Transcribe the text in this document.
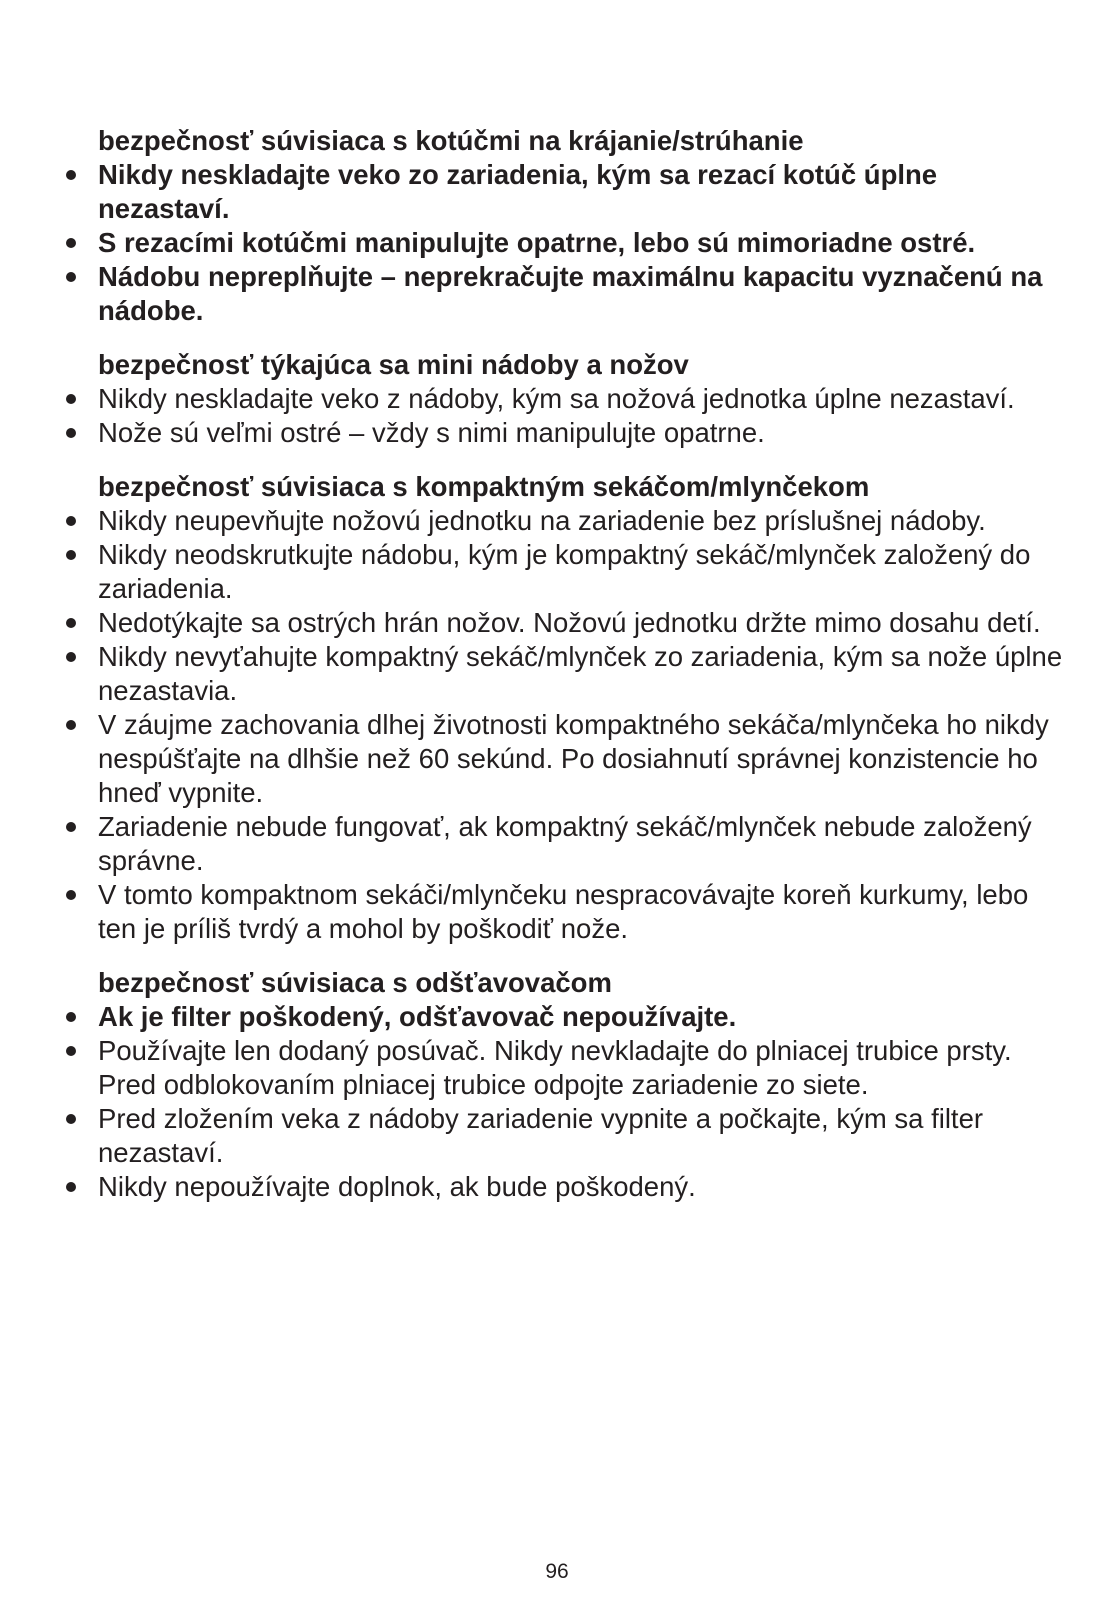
bezpečnosť súvisiaca s kotúčmi na krájanie/strúhanie
Nikdy neskladajte veko zo zariadenia, kým sa rezací kotúč úplne nezastaví.
S rezacími kotúčmi manipulujte opatrne, lebo sú mimoriadne ostré.
Nádobu nepreplňujte – neprekračujte maximálnu kapacitu vyznačenú na nádobe.
bezpečnosť týkajúca sa mini nádoby a nožov
Nikdy neskladajte veko z nádoby, kým sa nožová jednotka úplne nezastaví.
Nože sú veľmi ostré – vždy s nimi manipulujte opatrne.
bezpečnosť súvisiaca s kompaktným sekáčom/mlynčekom
Nikdy neupevňujte nožovú jednotku na zariadenie bez príslušnej nádoby.
Nikdy neodskrutkujte nádobu, kým je kompaktný sekáč/mlynček založený do zariadenia.
Nedotýkajte sa ostrých hrán nožov. Nožovú jednotku držte mimo dosahu detí.
Nikdy nevyťahujte kompaktný sekáč/mlynček zo zariadenia, kým sa nože úplne nezastavia.
V záujme zachovania dlhej životnosti kompaktného sekáča/mlynčeka ho nikdy nespúšťajte na dlhšie než 60 sekúnd. Po dosiahnutí správnej konzistencie ho hneď vypnite.
Zariadenie nebude fungovať, ak kompaktný sekáč/mlynček nebude založený správne.
V tomto kompaktnom sekáči/mlynčeku nespracovávajte koreň kurkumy, lebo ten je príliš tvrdý a mohol by poškodiť nože.
bezpečnosť súvisiaca s odšťavovačom
Ak je filter poškodený, odšťavovač nepoužívajte.
Používajte len dodaný posúvač. Nikdy nevkladajte do plniacej trubice prsty. Pred odblokovaním plniacej trubice odpojte zariadenie zo siete.
Pred zložením veka z nádoby zariadenie vypnite a počkajte, kým sa filter nezastaví.
Nikdy nepoužívajte doplnok, ak bude poškodený.
96
